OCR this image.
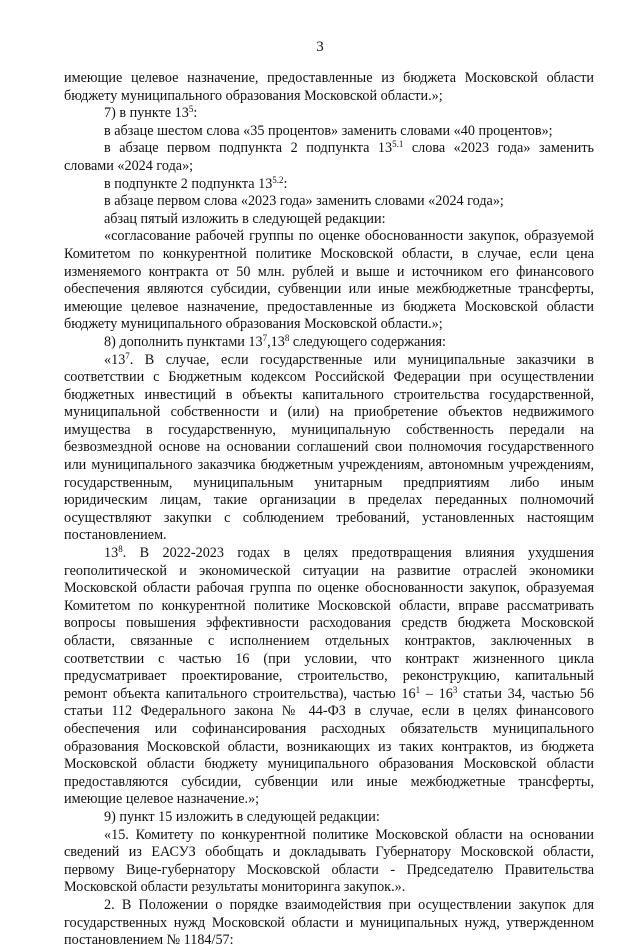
3

имеющие целевое назначение, предоставленные из бюджета Московской области бюджету муниципального образования Московской области.»;

7) в пункте $13^5$:

в абзаце шестом слова «35 процентов» заменить словами «40 процентов»;

в абзаце первом подпункта 2 подпункта $13^{5.1}$ слова «2023 года» заменить словами «2024 года»;

в подпункте 2 подпункта $13^{5.2}$:

в абзаце первом слова «2023 года» заменить словами «2024 года»;

абзац пятый изложить в следующей редакции:

«согласование рабочей группы по оценке обоснованности закупок, образуемой Комитетом по конкурентной политике Московской области, в случае, если цена изменяемого контракта от 50 млн. рублей и выше и источником его финансового обеспечения являются субсидии, субвенции или иные межбюджетные трансферты, имеющие целевое назначение, предоставленные из бюджета Московской области бюджету муниципального образования Московской области.»;

8) дополнить пунктами $13^7,13^8$ следующего содержания:

«$13^7$. В случае, если государственные или муниципальные заказчики в соответствии с Бюджетным кодексом Российской Федерации при осуществлении бюджетных инвестиций в объекты капитального строительства государственной, муниципальной собственности и (или) на приобретение объектов недвижимого имущества в государственную, муниципальную собственность передали на безвозмездной основе на основании соглашений свои полномочия государственного или муниципального заказчика бюджетным учреждениям, автономным учреждениям, государственным, муниципальным унитарным предприятиям либо иным юридическим лицам, такие организации в пределах переданных полномочий осуществляют закупки с соблюдением требований, установленных настоящим постановлением.

$13^8$. В 2022-2023 годах в целях предотвращения влияния ухудшения геополитической и экономической ситуации на развитие отраслей экономики Московской области рабочая группа по оценке обоснованности закупок, образуемая Комитетом по конкурентной политике Московской области, вправе рассматривать вопросы повышения эффективности расходования средств бюджета Московской области, связанные с исполнением отдельных контрактов, заключенных в соответствии с частью 16 (при условии, что контракт жизненного цикла предусматривает проектирование, строительство, реконструкцию, капитальный ремонт объекта капитального строительства), частью $16^1 - 16^3$ статьи 34, частью 56 статьи 112 Федерального закона № 44-ФЗ в случае, если в целях финансового обеспечения или софинансирования расходных обязательств муниципального образования Московской области, возникающих из таких контрактов, из бюджета Московской области бюджету муниципального образования Московской области предоставляются субсидии, субвенции или иные межбюджетные трансферты, имеющие целевое назначение.»;

9) пункт 15 изложить в следующей редакции:

«15. Комитету по конкурентной политике Московской области на основании сведений из ЕАСУЗ обобщать и докладывать Губернатору Московской области, первому Вице-губернатору Московской области - Председателю Правительства Московской области результаты мониторинга закупок.».

2. В Положении о порядке взаимодействия при осуществлении закупок для государственных нужд Московской области и муниципальных нужд, утвержденном постановлением № 1184/57:
